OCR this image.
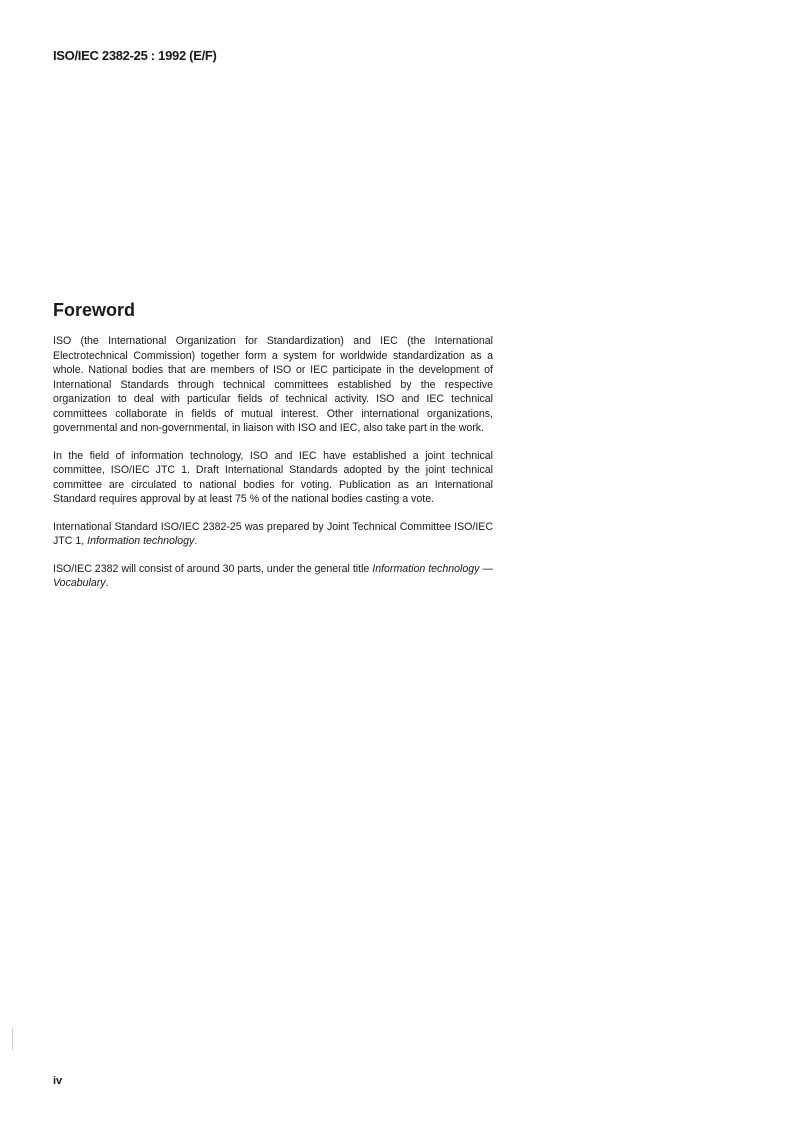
ISO/IEC 2382-25 : 1992 (E/F)
Foreword

ISO (the International Organization for Standardization) and IEC (the International Electrotechnical Commission) together form a system for worldwide standardization as a whole. National bodies that are members of ISO or IEC participate in the development of International Standards through technical committees established by the respective organization to deal with particular fields of technical activity. ISO and IEC technical committees collaborate in fields of mutual interest. Other international organizations, governmental and non-governmental, in liaison with ISO and IEC, also take part in the work.

In the field of information technology, ISO and IEC have established a joint technical committee, ISO/IEC JTC 1. Draft International Standards adopted by the joint technical committee are circulated to national bodies for voting. Publication as an International Standard requires approval by at least 75 % of the national bodies casting a vote.

International Standard ISO/IEC 2382-25 was prepared by Joint Technical Committee ISO/IEC JTC 1, Information technology.

ISO/IEC 2382 will consist of around 30 parts, under the general title Information technology — Vocabulary.

iv
